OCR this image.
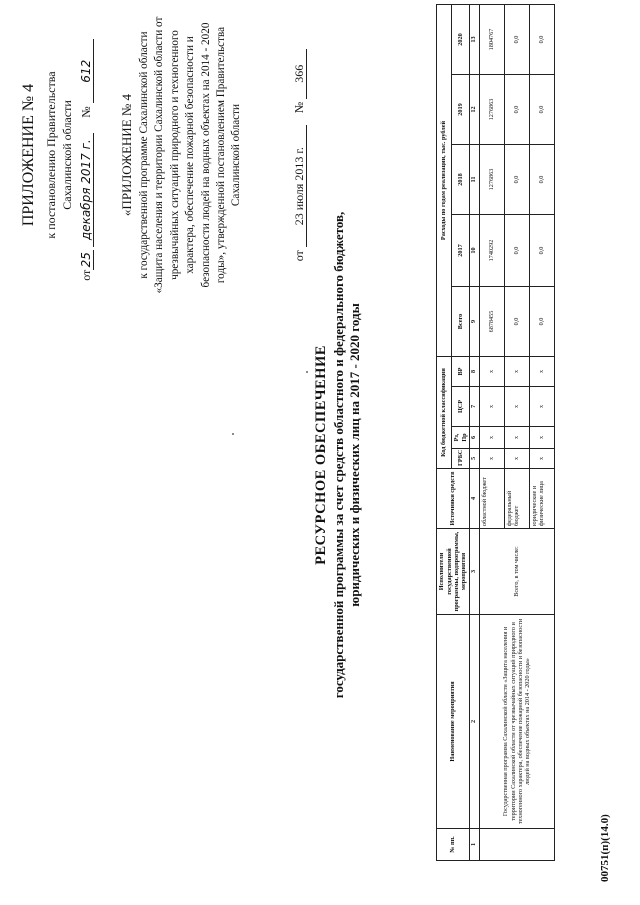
ПРИЛОЖЕНИЕ № 4 к постановлению Правительства Сахалинской области
от25 декабря 2017 г.     № 612
«ПРИЛОЖЕНИЕ № 4 к государственной программе Сахалинской области «Защита населения и территории Сахалинской области от чрезвычайных ситуаций природного и техногенного характера, обеспечение пожарной безопасности и безопасности людей на водных объектах на 2014 - 2020 годы», утвержденной постановлением Правительства Сахалинской области
от 23 июля 2013 г.    № 366
РЕСУРСНОЕ ОБЕСПЕЧЕНИЕ государственной программы за счет средств областного и федерального бюджетов, юридических и физических лиц на 2017 - 2020 годы
№ пп.	Наименование мероприятия	Исполнители государственной программы, подпрограммы, мероприятия	Источники средств	Код бюджетной классификации				Расходы по годам реализации, тыс. рублей				
				ГРБС	Рз, Пр	ЦСР	ВР	Всего	2017	2018	2019	2020
1	2	3	4	5	6	7	8	9	10	11	12	13
	Государственная программа Сахалинской области «Защита населения и территории Сахалинской области от чрезвычайных ситуаций природного и техногенного характера, обеспечение пожарной безопасности и безопасности людей на водных объектах на 2014 - 2020 годы»	Всего, в том числе:	областной бюджет	х	х	х	х	6878455	1740292	1276863	1276863	1804767
			федеральный бюджет	х	х	х	х	0,0	0,0	0,0	0,0	0,0
			юридические и физические лица	х	х	х	х	0,0	0,0	0,0	0,0	0,0
00751(п)(14.0)
